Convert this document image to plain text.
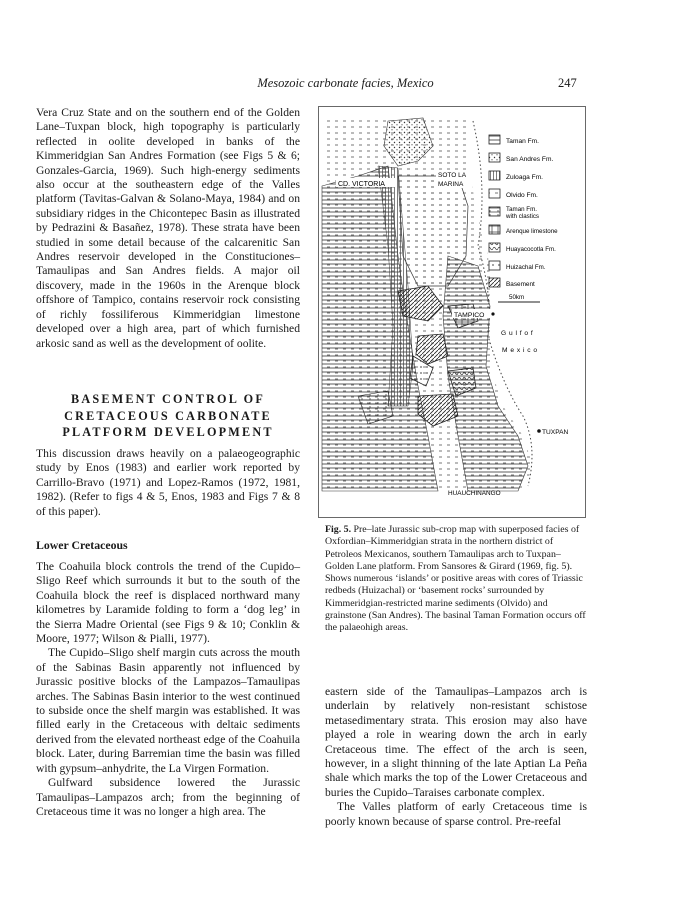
Mesozoic carbonate facies, Mexico	247

Vera Cruz State and on the southern end of the Golden Lane–Tuxpan block, high topography is particularly reflected in oolite developed in banks of the Kimmeridgian San Andres Formation (see Figs 5 & 6; Gonzales-Garcia, 1969). Such high-energy sediments also occur at the southeastern edge of the Valles platform (Tavitas-Galvan & Solano-Maya, 1984) and on subsidiary ridges in the Chicontepec Basin as illustrated by Pedrazini & Basañez, 1978). These strata have been studied in some detail because of the calcarenitic San Andres reservoir developed in the Constituciones–Tamaulipas and San Andres fields. A major oil discovery, made in the 1960s in the Arenque block offshore of Tampico, contains reservoir rock consisting of richly fossiliferous Kimmeridgian limestone developed over a high area, part of which furnished arkosic sand as well as the development of oolite.

BASEMENT CONTROL OF
CRETACEOUS CARBONATE
PLATFORM DEVELOPMENT

This discussion draws heavily on a palaeogeographic study by Enos (1983) and earlier work reported by Carrillo-Bravo (1971) and Lopez-Ramos (1972, 1981, 1982). (Refer to figs 4 & 5, Enos, 1983 and Figs 7 & 8 of this paper).

Lower Cretaceous

The Coahuila block controls the trend of the Cupido–Sligo Reef which surrounds it but to the south of the Coahuila block the reef is displaced northward many kilometres by Laramide folding to form a ‘dog leg’ in the Sierra Madre Oriental (see Figs 9 & 10; Conklin & Moore, 1977; Wilson & Pialli, 1977).

The Cupido–Sligo shelf margin cuts across the mouth of the Sabinas Basin apparently not influenced by Jurassic positive blocks of the Lampazos–Tamaulipas arches. The Sabinas Basin interior to the west continued to subside once the shelf margin was established. It was filled early in the Cretaceous with deltaic sediments derived from the elevated northeast edge of the Coahuila block. Later, during Barremian time the basin was filled with gypsum–anhydrite, the La Virgen Formation.

Gulfward subsidence lowered the Jurassic Tamaulipas–Lampazos arch; from the beginning of Cretaceous time it was no longer a high area. The

Taman Fm.
San Andres Fm.
Zuloaga Fm.
Olvido Fm.
Taman Fm.
with clastics
Arenque limestone
Huayacocotla Fm.
Huizachal Fm.
Basement
50km
CD. VICTORIA
SOTO LA
MARINA
TAMPICO
G u l f o f
M e x i c o
TUXPAN
HUAUCHINANGO
Fig. 5. Pre–late Jurassic sub-crop map with superposed facies of Oxfordian–Kimmeridgian strata in the northern district of Petroleos Mexicanos, southern Tamaulipas arch to Tuxpan–Golden Lane platform. From Sansores & Girard (1969, fig. 5). Shows numerous ‘islands’ or positive areas with cores of Triassic redbeds (Huizachal) or ‘basement rocks’ surrounded by Kimmeridgian-restricted marine sediments (Olvido) and grainstone (San Andres). The basinal Taman Formation occurs off the palaeohigh areas.

eastern side of the Tamaulipas–Lampazos arch is underlain by relatively non-resistant schistose metasedimentary strata. This erosion may also have played a role in wearing down the arch in early Cretaceous time. The effect of the arch is seen, however, in a slight thinning of the late Aptian La Peña shale which marks the top of the Lower Cretaceous and buries the Cupido–Taraises carbonate complex.

The Valles platform of early Cretaceous time is poorly known because of sparse control. Pre-reefal
